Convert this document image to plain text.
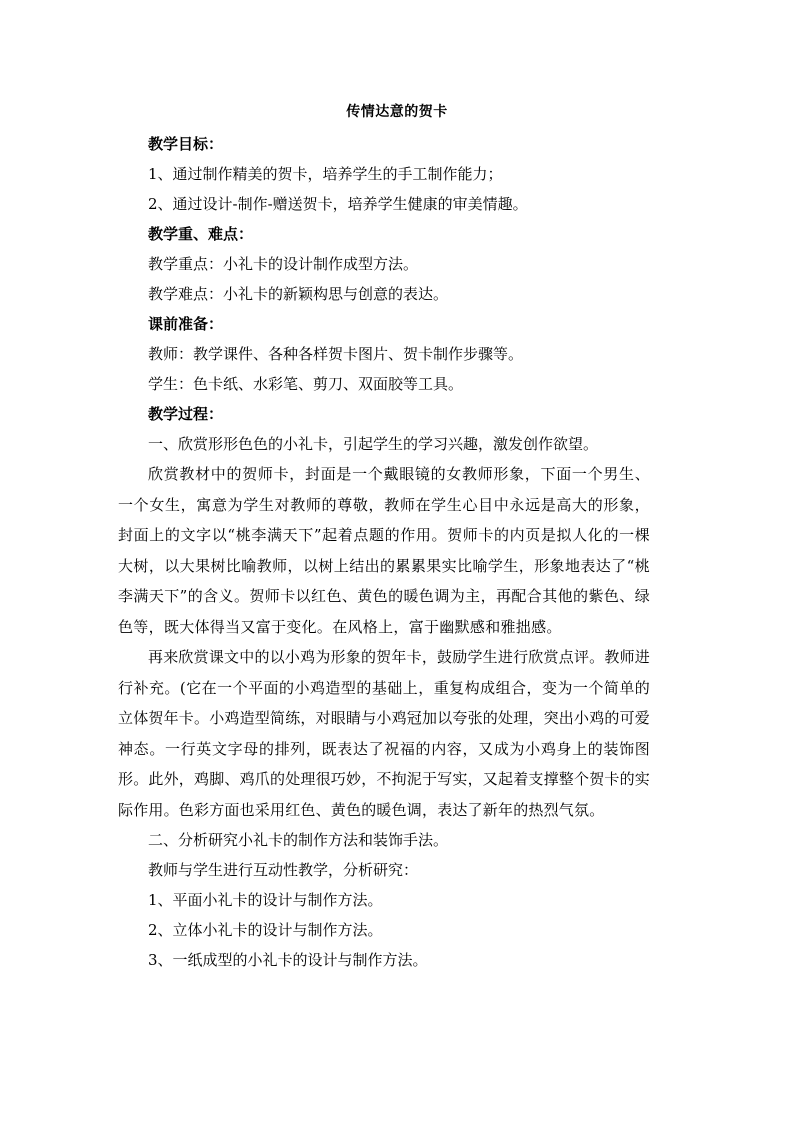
传情达意的贺卡
教学目标：
1、通过制作精美的贺卡，培养学生的手工制作能力；
2、通过设计-制作-赠送贺卡，培养学生健康的审美情趣。
教学重、难点：
教学重点：小礼卡的设计制作成型方法。
教学难点：小礼卡的新颖构思与创意的表达。
课前准备：
教师：教学课件、各种各样贺卡图片、贺卡制作步骤等。
学生：色卡纸、水彩笔、剪刀、双面胶等工具。
教学过程：
一、欣赏形形色色的小礼卡，引起学生的学习兴趣，激发创作欲望。
欣赏教材中的贺师卡，封面是一个戴眼镜的女教师形象，下面一个男生、一个女生，寓意为学生对教师的尊敬，教师在学生心目中永远是高大的形象，封面上的文字以“桃李满天下”起着点题的作用。贺师卡的内页是拟人化的一棵大树，以大果树比喻教师，以树上结出的累累果实比喻学生，形象地表达了“桃李满天下”的含义。贺师卡以红色、黄色的暖色调为主，再配合其他的紫色、绿色等，既大体得当又富于变化。在风格上，富于幽默感和雅拙感。
再来欣赏课文中的以小鸡为形象的贺年卡，鼓励学生进行欣赏点评。教师进行补充。(它在一个平面的小鸡造型的基础上，重复构成组合，变为一个简单的立体贺年卡。小鸡造型简练，对眼睛与小鸡冠加以夸张的处理，突出小鸡的可爱神态。一行英文字母的排列，既表达了祝福的内容，又成为小鸡身上的装饰图形。此外，鸡脚、鸡爪的处理很巧妙，不拘泥于写实，又起着支撑整个贺卡的实际作用。色彩方面也采用红色、黄色的暖色调，表达了新年的热烈气氛。
二、分析研究小礼卡的制作方法和装饰手法。
教师与学生进行互动性教学，分析研究：
1、平面小礼卡的设计与制作方法。
2、立体小礼卡的设计与制作方法。
3、一纸成型的小礼卡的设计与制作方法。
